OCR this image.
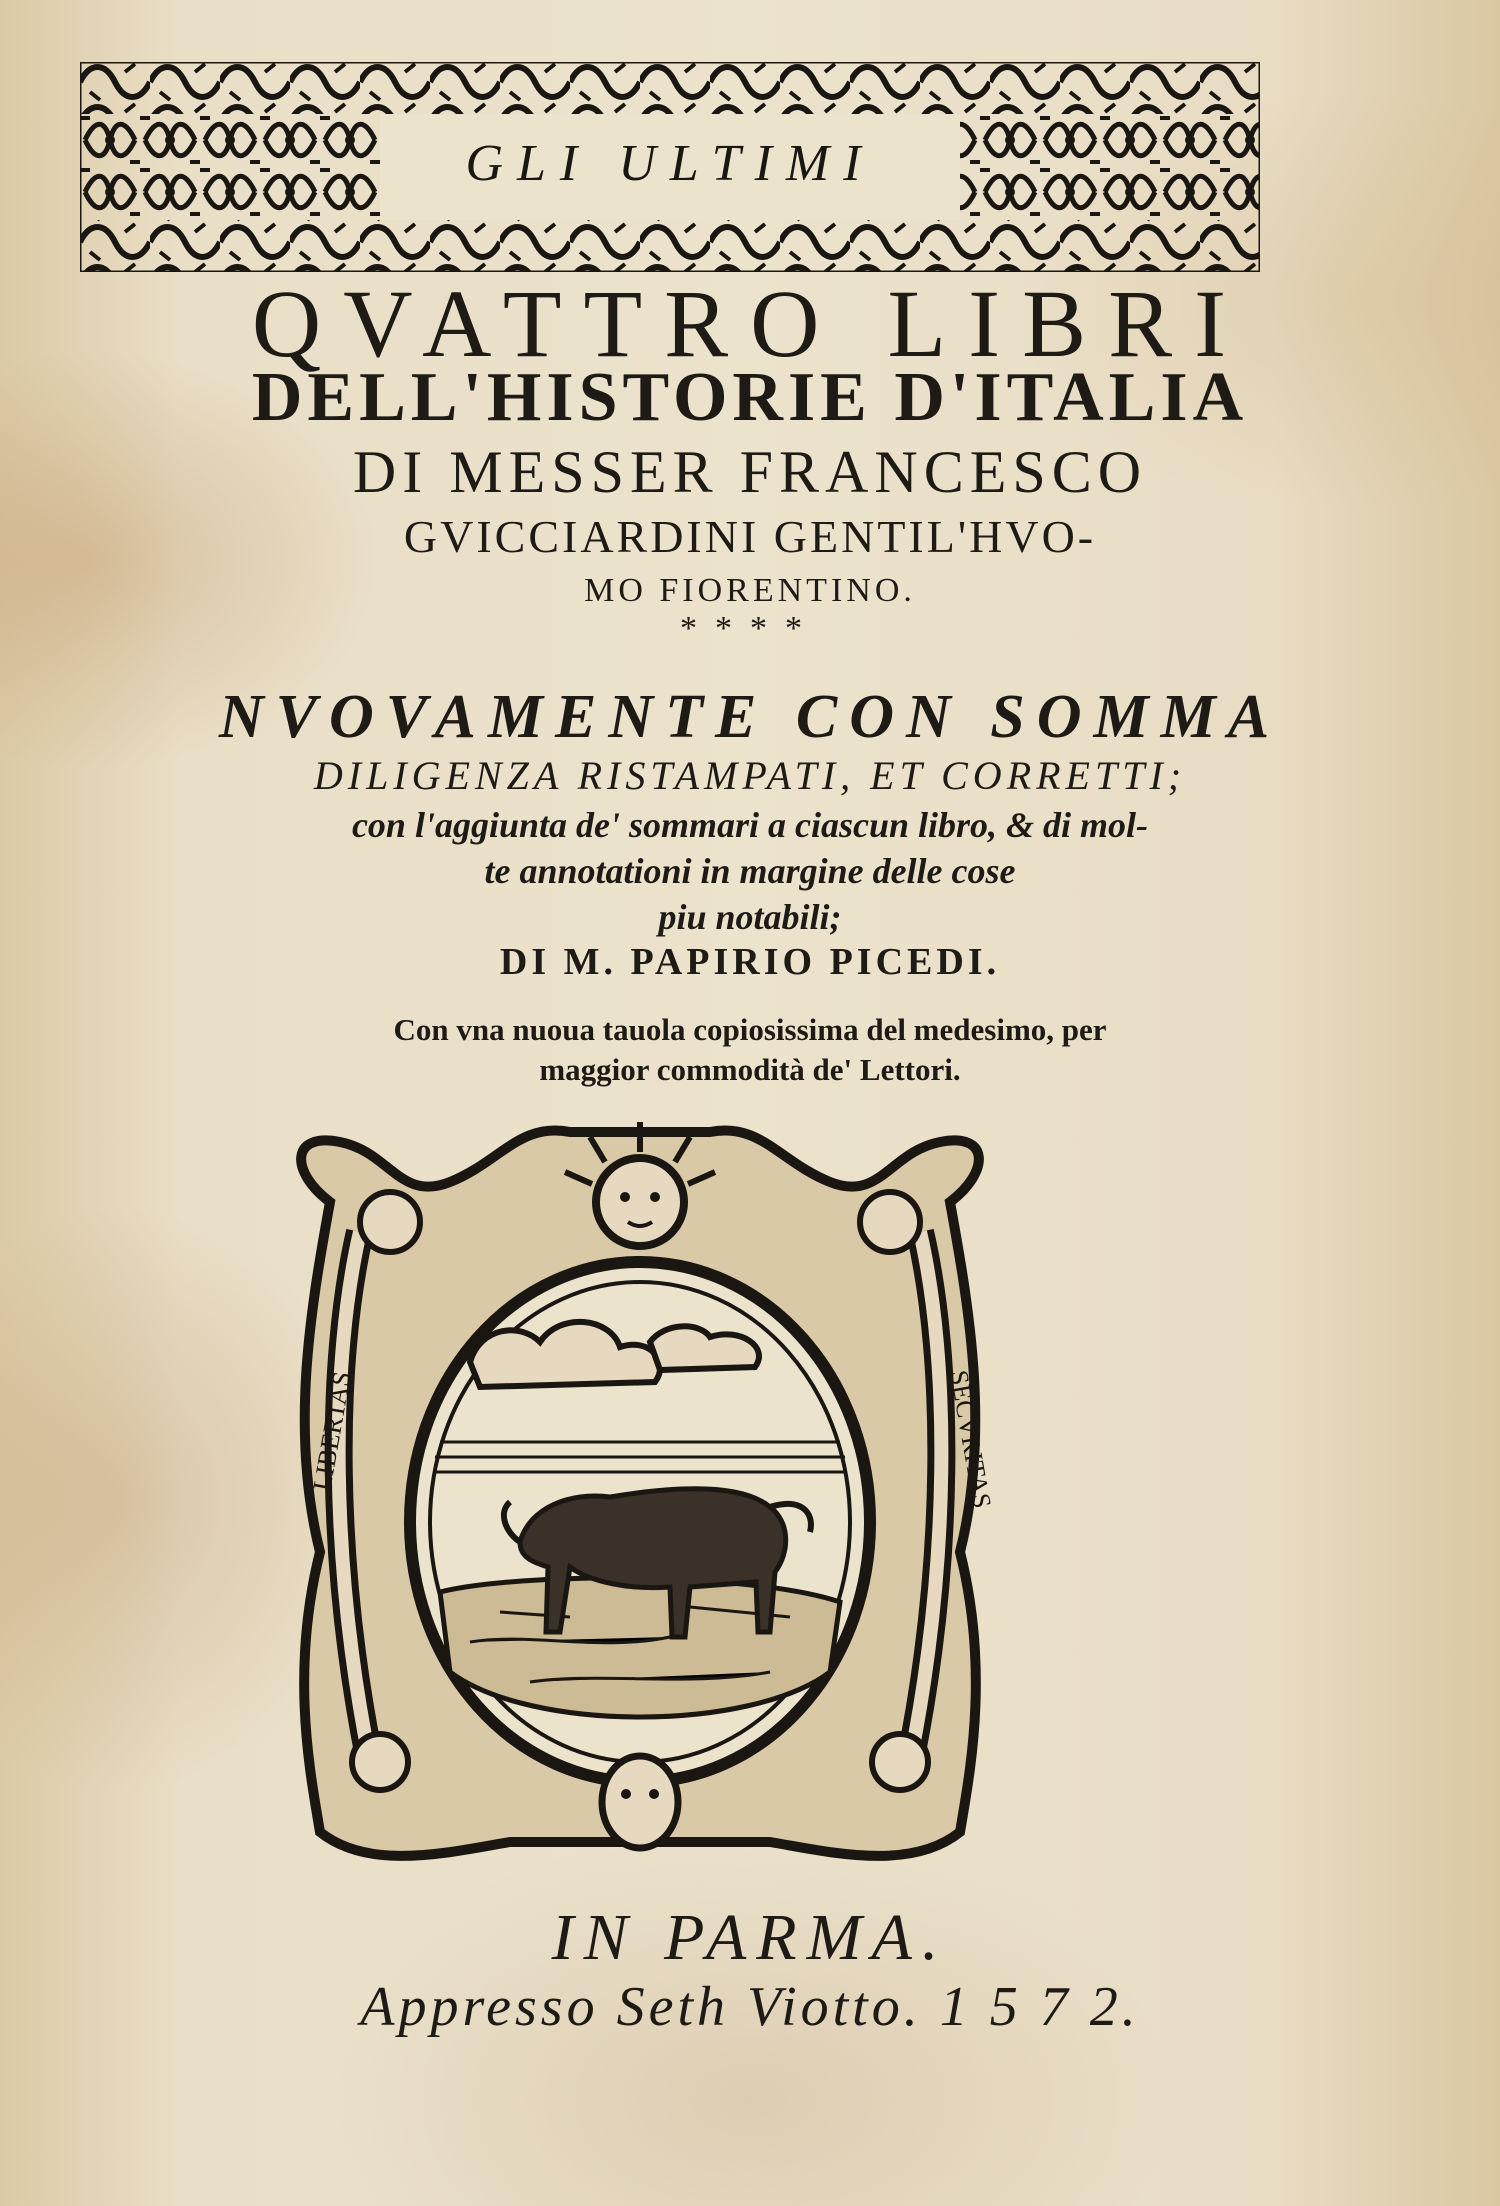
GLI ULTIMI
QVATTRO LIBRI
DELL'HISTORIE D'ITALIA
DI MESSER FRANCESCO
GVICCIARDINI GENTIL'HVO-
MO FIORENTINO.
****
NVOVAMENTE CON SOMMA
DILIGENZA RISTAMPATI, ET CORRETTI;
con l'aggiunta de' sommari a ciascun libro, & di mol-
te annotationi in margine delle cose
piu notabili;
DI M. PAPIRIO PICEDI.
Con vna nuoua tauola copiosissima del medesimo, per
maggior commodità de' Lettori.
LIBERTAS	SECVRITAS
IN PARMA.
Appresso Seth Viotto. 1 5 7 2.
